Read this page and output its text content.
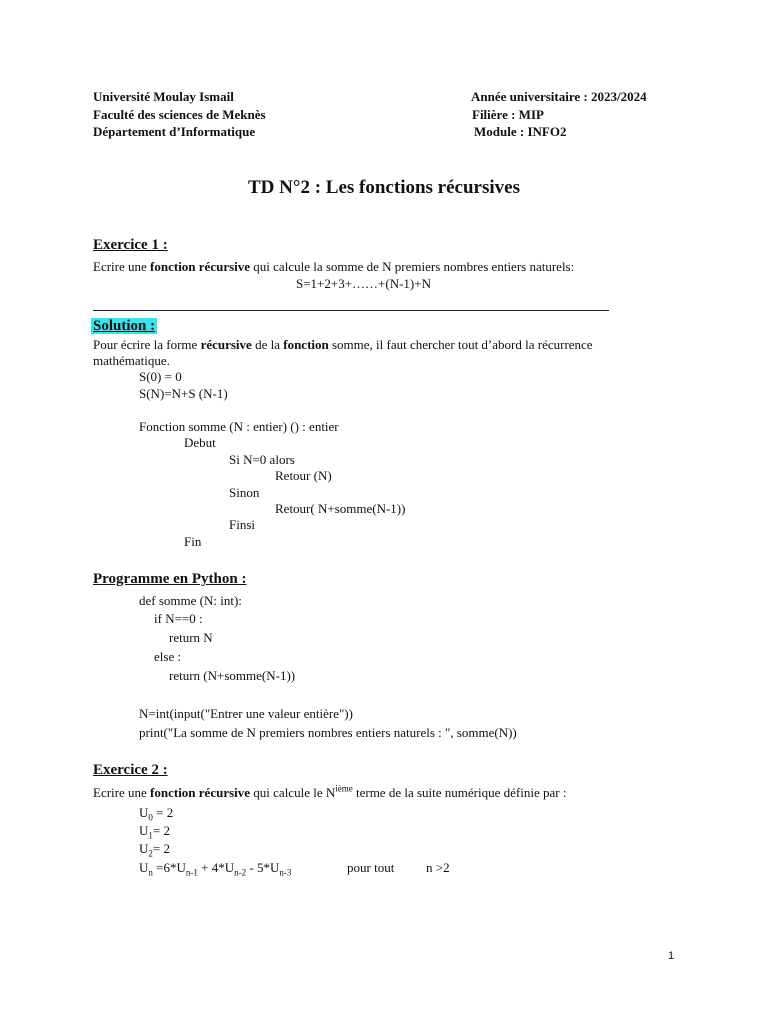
Université Moulay Ismail
Faculté des sciences de Meknès
Département d’Informatique
Année universitaire : 2023/2024
Filière : MIP
Module : INFO2
TD N°2 : Les fonctions récursives
Exercice 1 :
Ecrire une fonction récursive qui calcule la somme de N premiers nombres entiers naturels:
S=1+2+3+……+(N-1)+N
Solution :
Pour écrire la forme récursive de la fonction somme, il faut chercher tout d’abord la récurrence
mathématique.
S(0) = 0
S(N)=N+S (N-1)
Fonction somme (N : entier) () : entier
Debut
Si N=0 alors
Retour (N)
Sinon
Retour( N+somme(N-1))
Finsi
Fin
Programme en Python :
def somme (N: int):
if N==0 :
return N
else :
return (N+somme(N-1))
N=int(input("Entrer une valeur entière"))
print("La somme de N premiers nombres entiers naturels : ", somme(N))
Exercice 2 :
Ecrire une fonction récursive qui calcule le $N^{ième}$ terme de la suite numérique définie par :
$U_0 = 2$
$U_1= 2$
$U_2= 2$
$U_n =6*U_{n-1} + 4*U_{n-2} - 5*U_{n-3}$	pour tout n >2
1
